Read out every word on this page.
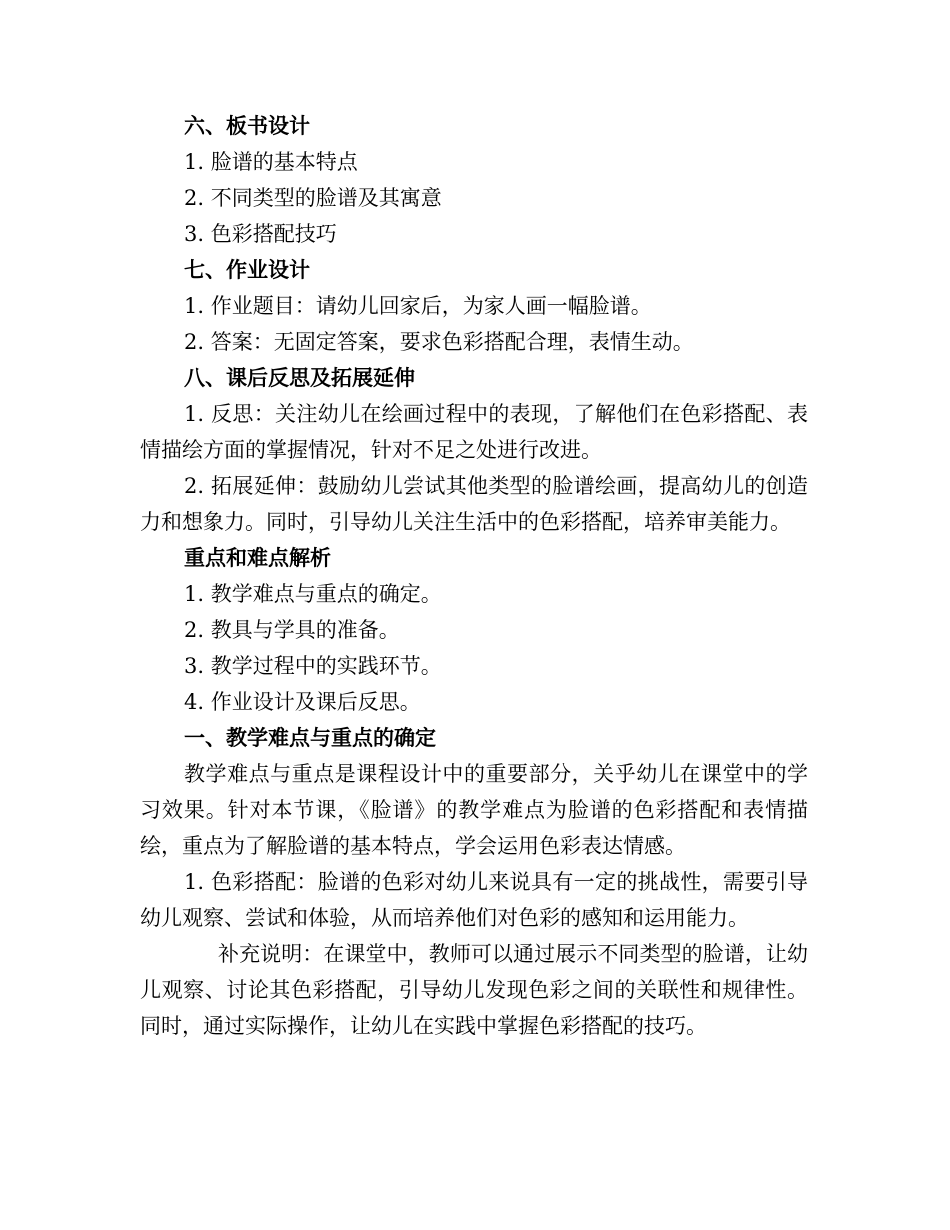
六、板书设计

1. 脸谱的基本特点

2. 不同类型的脸谱及其寓意

3. 色彩搭配技巧

七、作业设计

1. 作业题目：请幼儿回家后，为家人画一幅脸谱。

2. 答案：无固定答案，要求色彩搭配合理，表情生动。

八、课后反思及拓展延伸

1. 反思：关注幼儿在绘画过程中的表现，了解他们在色彩搭配、表情描绘方面的掌握情况，针对不足之处进行改进。

2. 拓展延伸：鼓励幼儿尝试其他类型的脸谱绘画，提高幼儿的创造力和想象力。同时，引导幼儿关注生活中的色彩搭配，培养审美能力。

重点和难点解析

1. 教学难点与重点的确定。

2. 教具与学具的准备。

3. 教学过程中的实践环节。

4. 作业设计及课后反思。

一、教学难点与重点的确定

教学难点与重点是课程设计中的重要部分，关乎幼儿在课堂中的学习效果。针对本节课，《脸谱》的教学难点为脸谱的色彩搭配和表情描绘，重点为了解脸谱的基本特点，学会运用色彩表达情感。

1. 色彩搭配：脸谱的色彩对幼儿来说具有一定的挑战性，需要引导幼儿观察、尝试和体验，从而培养他们对色彩的感知和运用能力。

补充说明：在课堂中，教师可以通过展示不同类型的脸谱，让幼儿观察、讨论其色彩搭配，引导幼儿发现色彩之间的关联性和规律性。同时，通过实际操作，让幼儿在实践中掌握色彩搭配的技巧。
